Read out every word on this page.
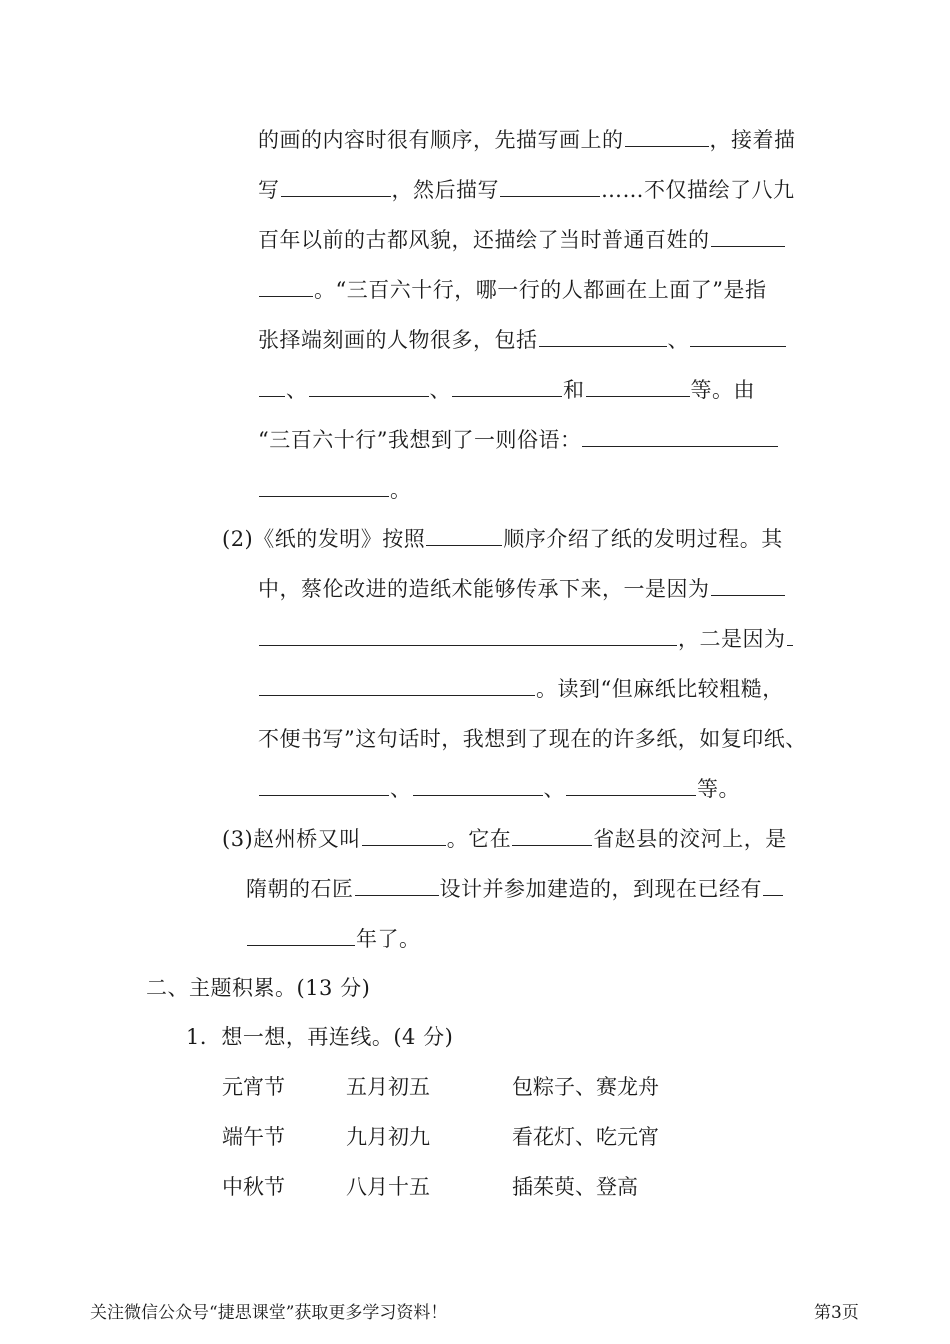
的画的内容时很有顺序，先描写画上的	，接着描
写	，然后描写	……不仅描绘了八九
百年以前的古都风貌，还描绘了当时普通百姓的
。“三百六十行，哪一行的人都画在上面了”是指
张择端刻画的人物很多，包括	、
、	、	和	等。由
“三百六十行”我想到了一则俗语：
。
(2)《纸的发明》按照	顺序介绍了纸的发明过程。其
中，蔡伦改进的造纸术能够传承下来，一是因为
，二是因为
。读到“但麻纸比较粗糙，
不便书写”这句话时，我想到了现在的许多纸，如复印纸、
、	、	等。
(3)赵州桥又叫	。它在	省赵县的洨河上，是
隋朝的石匠	设计并参加建造的，到现在已经有
年了。
二、主题积累。(13 分)
1．想一想，再连线。(4 分)
元宵节	五月初五	包粽子、赛龙舟
端午节	九月初九	看花灯、吃元宵
中秋节	八月十五	插茱萸、登高
关注微信公众号“捷思课堂”获取更多学习资料！	第3页
